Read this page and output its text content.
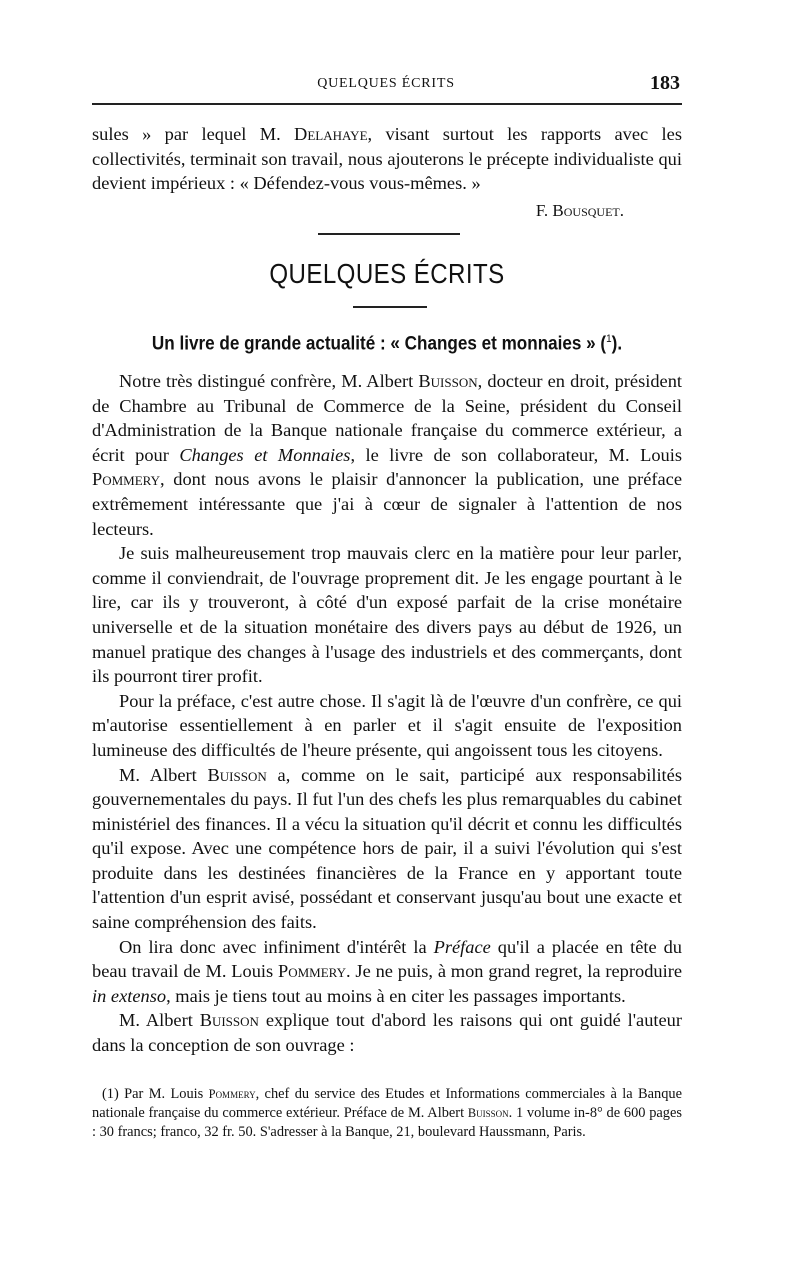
QUELQUES ÉCRITS	183

sules » par lequel M. Delahaye, visant surtout les rapports avec les collectivités, terminait son travail, nous ajouterons le précepte individualiste qui devient impérieux : « Défendez-vous vous-mêmes. »

F. Bousquet.
QUELQUES ÉCRITS
Un livre de grande actualité : « Changes et monnaies » ($^1$).

Notre très distingué confrère, M. Albert Buisson, docteur en droit, président de Chambre au Tribunal de Commerce de la Seine, président du Conseil d'Administration de la Banque nationale française du commerce extérieur, a écrit pour Changes et Monnaies, le livre de son collaborateur, M. Louis Pommery, dont nous avons le plaisir d'annoncer la publication, une préface extrêmement intéressante que j'ai à cœur de signaler à l'attention de nos lecteurs.

Je suis malheureusement trop mauvais clerc en la matière pour leur parler, comme il conviendrait, de l'ouvrage proprement dit. Je les engage pourtant à le lire, car ils y trouveront, à côté d'un exposé parfait de la crise monétaire universelle et de la situation monétaire des divers pays au début de 1926, un manuel pratique des changes à l'usage des industriels et des commerçants, dont ils pourront tirer profit.

Pour la préface, c'est autre chose. Il s'agit là de l'œuvre d'un confrère, ce qui m'autorise essentiellement à en parler et il s'agit ensuite de l'exposition lumineuse des difficultés de l'heure présente, qui angoissent tous les citoyens.

M. Albert Buisson a, comme on le sait, participé aux responsabilités gouvernementales du pays. Il fut l'un des chefs les plus remarquables du cabinet ministériel des finances. Il a vécu la situation qu'il décrit et connu les difficultés qu'il expose. Avec une compétence hors de pair, il a suivi l'évolution qui s'est produite dans les destinées financières de la France en y apportant toute l'attention d'un esprit avisé, possédant et conservant jusqu'au bout une exacte et saine compréhension des faits.

On lira donc avec infiniment d'intérêt la Préface qu'il a placée en tête du beau travail de M. Louis Pommery. Je ne puis, à mon grand regret, la reproduire in extenso, mais je tiens tout au moins à en citer les passages importants.

M. Albert Buisson explique tout d'abord les raisons qui ont guidé l'auteur dans la conception de son ouvrage :

(1) Par M. Louis Pommery, chef du service des Etudes et Informations commerciales à la Banque nationale française du commerce extérieur. Préface de M. Albert Buisson. 1 volume in-8° de 600 pages : 30 francs; franco, 32 fr. 50. S'adresser à la Banque, 21, boulevard Haussmann, Paris.
